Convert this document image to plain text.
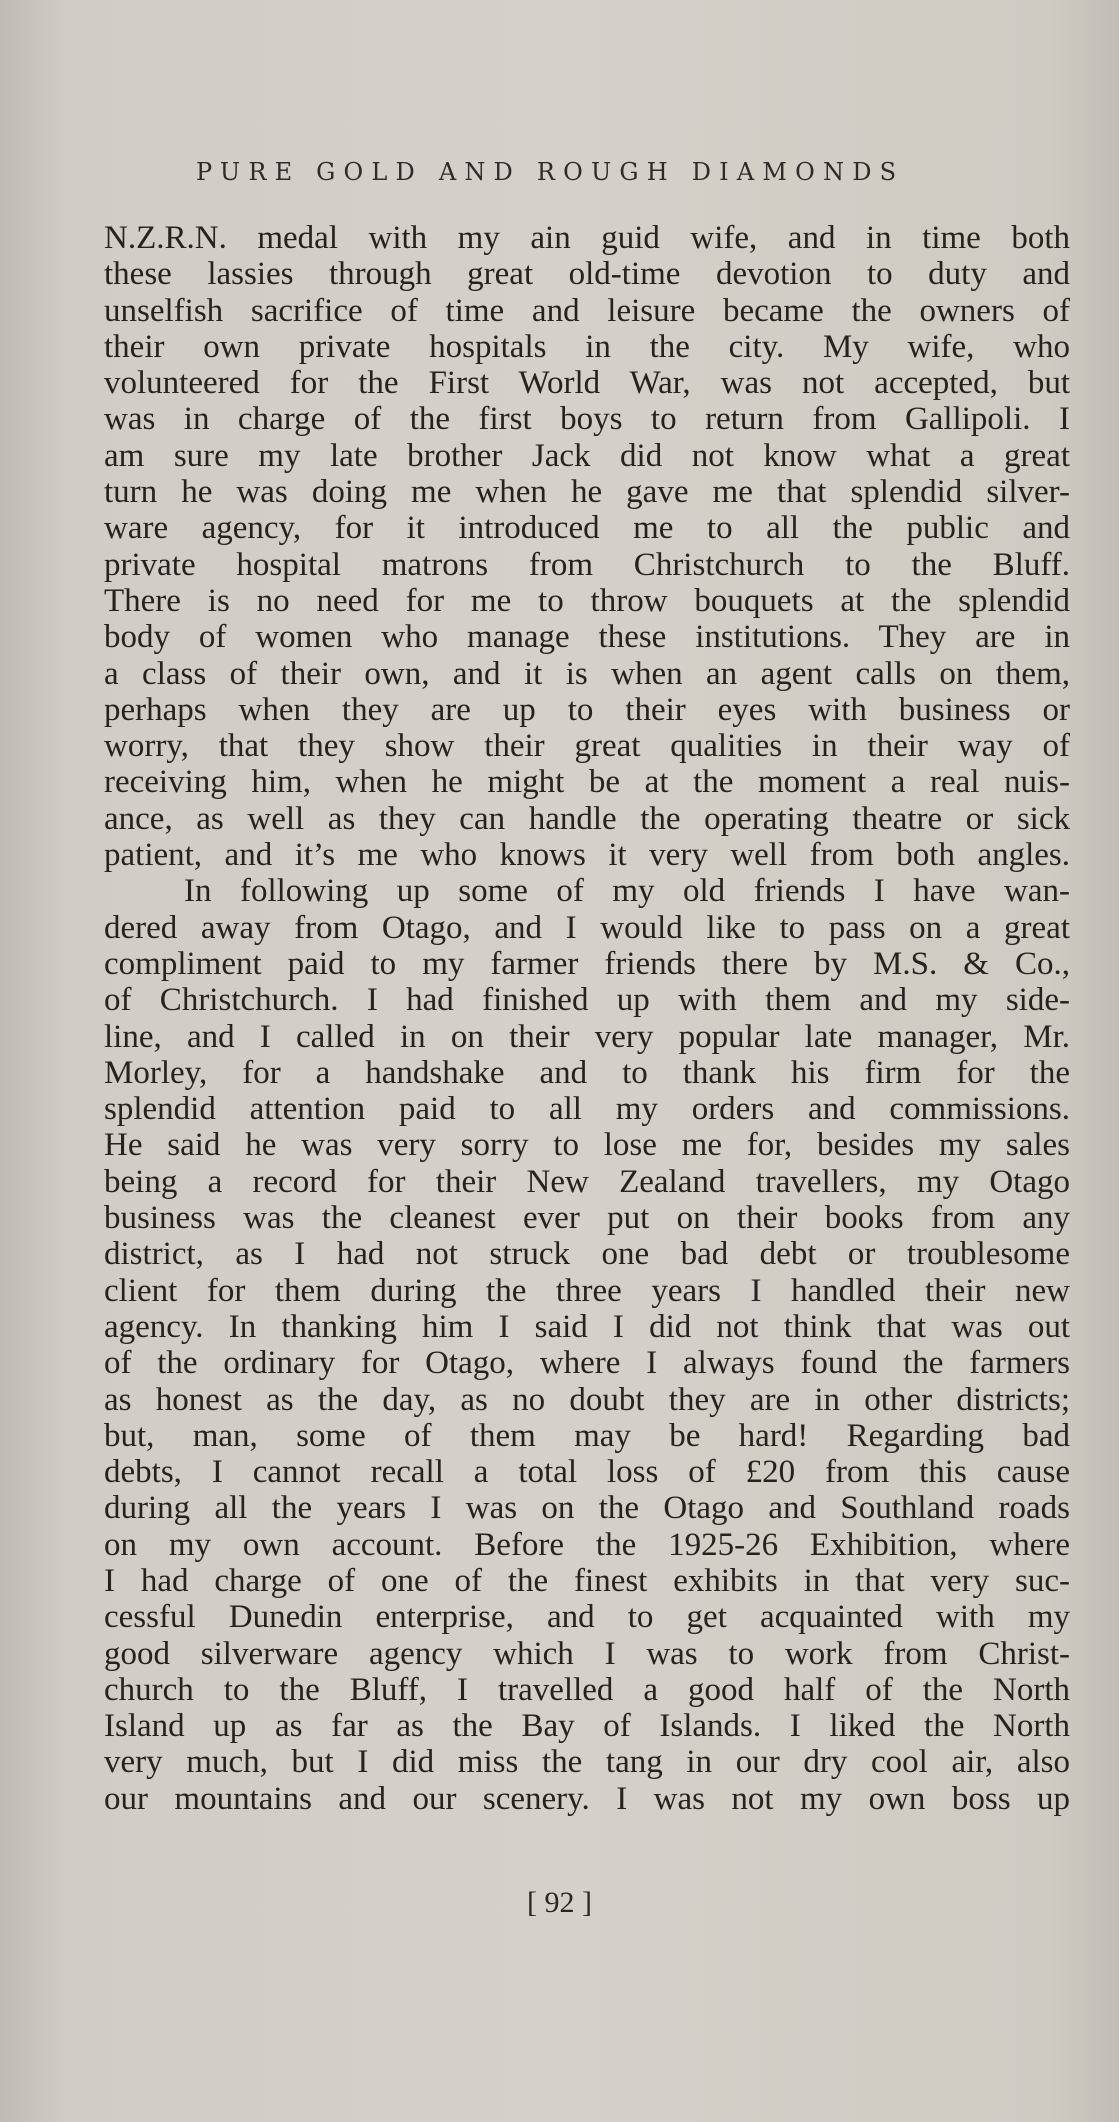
PURE GOLD AND ROUGH DIAMONDS
N.Z.R.N. medal with my ain guid wife, and in time both
these lassies through great old-time devotion to duty and
unselfish sacrifice of time and leisure became the owners of
their own private hospitals in the city. My wife, who
volunteered for the First World War, was not accepted, but
was in charge of the first boys to return from Gallipoli. I
am sure my late brother Jack did not know what a great
turn he was doing me when he gave me that splendid silver-
ware agency, for it introduced me to all the public and
private hospital matrons from Christchurch to the Bluff.
There is no need for me to throw bouquets at the splendid
body of women who manage these institutions. They are in
a class of their own, and it is when an agent calls on them,
perhaps when they are up to their eyes with business or
worry, that they show their great qualities in their way of
receiving him, when he might be at the moment a real nuis-
ance, as well as they can handle the operating theatre or sick
patient, and it’s me who knows it very well from both angles.
In following up some of my old friends I have wan-
dered away from Otago, and I would like to pass on a great
compliment paid to my farmer friends there by M.S. & Co.,
of Christchurch. I had finished up with them and my side-
line, and I called in on their very popular late manager, Mr.
Morley, for a handshake and to thank his firm for the
splendid attention paid to all my orders and commissions.
He said he was very sorry to lose me for, besides my sales
being a record for their New Zealand travellers, my Otago
business was the cleanest ever put on their books from any
district, as I had not struck one bad debt or troublesome
client for them during the three years I handled their new
agency. In thanking him I said I did not think that was out
of the ordinary for Otago, where I always found the farmers
as honest as the day, as no doubt they are in other districts;
but, man, some of them may be hard! Regarding bad
debts, I cannot recall a total loss of £20 from this cause
during all the years I was on the Otago and Southland roads
on my own account. Before the 1925-26 Exhibition, where
I had charge of one of the finest exhibits in that very suc-
cessful Dunedin enterprise, and to get acquainted with my
good silverware agency which I was to work from Christ-
church to the Bluff, I travelled a good half of the North
Island up as far as the Bay of Islands. I liked the North
very much, but I did miss the tang in our dry cool air, also
our mountains and our scenery. I was not my own boss up
[ 92 ]
